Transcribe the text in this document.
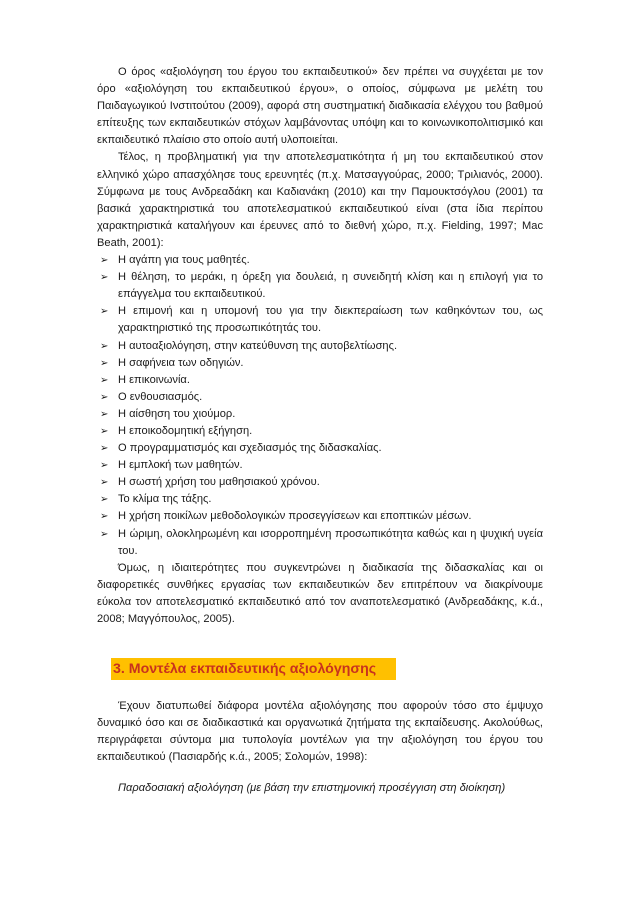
Ο όρος «αξιολόγηση του έργου του εκπαιδευτικού» δεν πρέπει να συγχέεται με τον όρο «αξιολόγηση του εκπαιδευτικού έργου», ο οποίος, σύμφωνα με μελέτη του Παιδαγωγικού Ινστιτούτου (2009), αφορά στη συστηματική διαδικασία ελέγχου του βαθμού επίτευξης των εκπαιδευτικών στόχων λαμβάνοντας υπόψη και το κοινωνικοπολιτισμικό και εκπαιδευτικό πλαίσιο στο οποίο αυτή υλοποιείται.

Τέλος, η προβληματική για την αποτελεσματικότητα ή μη του εκπαιδευτικού στον ελληνικό χώρο απασχόλησε τους ερευνητές (π.χ. Ματσαγγούρας, 2000; Τριλιανός, 2000). Σύμφωνα με τους Ανδρεαδάκη και Καδιανάκη (2010) και την Παμουκτσόγλου (2001) τα βασικά χαρακτηριστικά του αποτελεσματικού εκπαιδευτικού είναι (στα ίδια περίπου χαρακτηριστικά καταλήγουν και έρευνες από το διεθνή χώρο, π.χ. Fielding, 1997; Mac Beath, 2001):

➢ Η αγάπη για τους μαθητές.
➢ Η θέληση, το μεράκι, η όρεξη για δουλειά, η συνειδητή κλίση και η επιλογή για το επάγγελμα του εκπαιδευτικού.
➢ Η επιμονή και η υπομονή του για την διεκπεραίωση των καθηκόντων του, ως χαρακτηριστικό της προσωπικότητάς του.
➢ Η αυτοαξιολόγηση, στην κατεύθυνση της αυτοβελτίωσης.
➢ Η σαφήνεια των οδηγιών.
➢ Η επικοινωνία.
➢ Ο ενθουσιασμός.
➢ Η αίσθηση του χιούμορ.
➢ Η εποικοδομητική εξήγηση.
➢ Ο προγραμματισμός και σχεδιασμός της διδασκαλίας.
➢ Η εμπλοκή των μαθητών.
➢ Η σωστή χρήση του μαθησιακού χρόνου.
➢ Το κλίμα της τάξης.
➢ Η χρήση ποικίλων μεθοδολογικών προσεγγίσεων και εποπτικών μέσων.
➢ Η ώριμη, ολοκληρωμένη και ισορροπημένη προσωπικότητα καθώς και η ψυχική υγεία του.

Όμως, η ιδιαιτερότητες που συγκεντρώνει η διαδικασία της διδασκαλίας και οι διαφορετικές συνθήκες εργασίας των εκπαιδευτικών δεν επιτρέπουν να διακρίνουμε εύκολα τον αποτελεσματικό εκπαιδευτικό από τον αναποτελεσματικό (Ανδρεαδάκης, κ.ά., 2008; Μαγγόπουλος, 2005).

3. Μοντέλα εκπαιδευτικής αξιολόγησης

Έχουν διατυπωθεί διάφορα μοντέλα αξιολόγησης που αφορούν τόσο στο έμψυχο δυναμικό όσο και σε διαδικαστικά και οργανωτικά ζητήματα της εκπαίδευσης. Ακολούθως, περιγράφεται σύντομα μια τυπολογία μοντέλων για την αξιολόγηση του έργου του εκπαιδευτικού (Πασιαρδής κ.ά., 2005; Σολομών, 1998):

Παραδοσιακή αξιολόγηση (με βάση την επιστημονική προσέγγιση στη διοίκηση)
